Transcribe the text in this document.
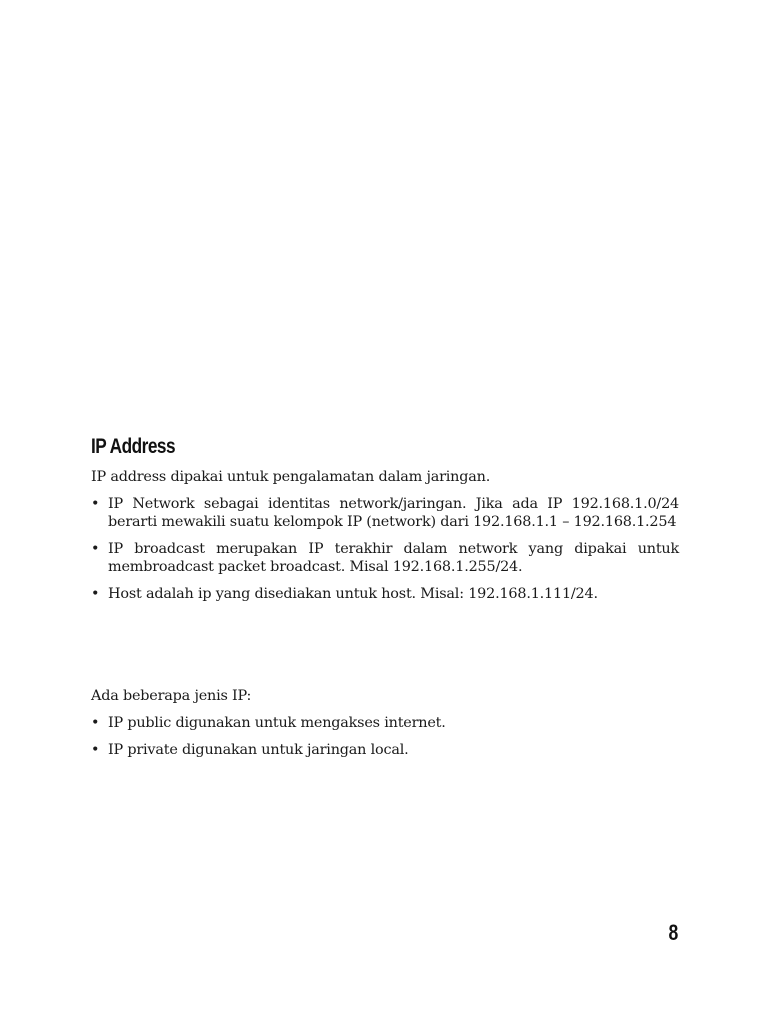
IP Address

IP address dipakai untuk pengalamatan dalam jaringan.

• IP Network sebagai identitas network/jaringan. Jika ada IP 192.168.1.0/24 berarti mewakili suatu kelompok IP (network) dari 192.168.1.1 – 192.168.1.254
• IP broadcast merupakan IP terakhir dalam network yang dipakai untuk membroadcast packet broadcast. Misal 192.168.1.255/24.
• Host adalah ip yang disediakan untuk host. Misal: 192.168.1.111/24.

Ada beberapa jenis IP:

• IP public digunakan untuk mengakses internet.
• IP private digunakan untuk jaringan local.
8
